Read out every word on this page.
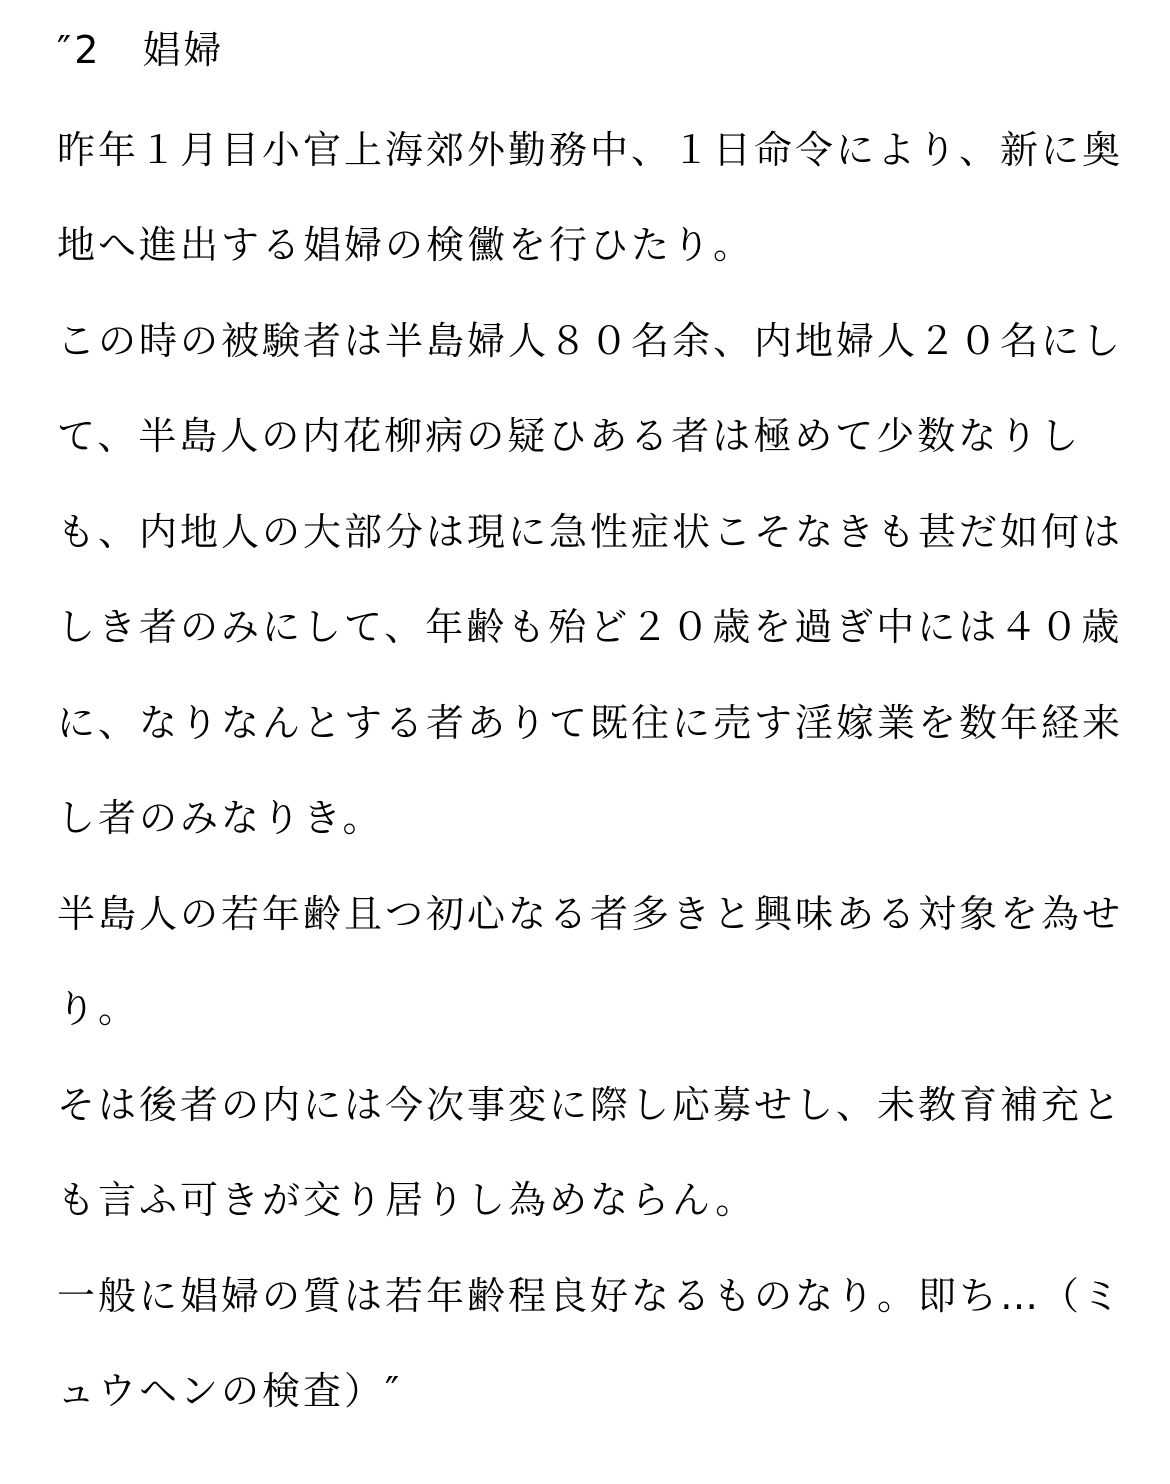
″2　娼婦
昨年１月目小官上海郊外勤務中、１日命令により、新に奥
地へ進出する娼婦の検黴を行ひたり。
この時の被験者は半島婦人８０名余、内地婦人２０名にし
て、半島人の内花柳病の疑ひある者は極めて少数なりし
も、内地人の大部分は現に急性症状こそなきも甚だ如何は
しき者のみにして、年齢も殆ど２０歳を過ぎ中には４０歳
に、なりなんとする者ありて既往に売す淫嫁業を数年経来
し者のみなりき。
半島人の若年齢且つ初心なる者多きと興味ある対象を為せ
り。
そは後者の内には今次事変に際し応募せし、未教育補充と
も言ふ可きが交り居りし為めならん。
一般に娼婦の質は若年齢程良好なるものなり。即ち…（ミ
ュウヘンの検査）″
